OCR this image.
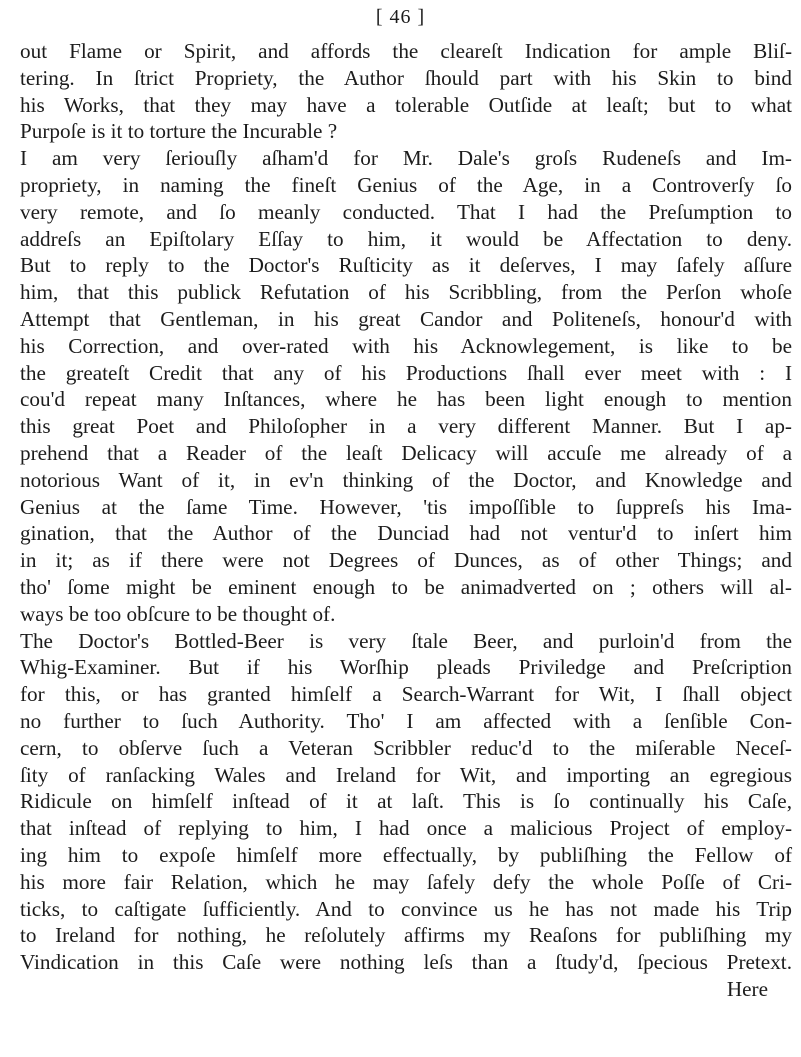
[ 46 ]
out Flame or Spirit, and affords the cleareſt Indication for ample Bliſ-
tering. In ſtrict Propriety, the Author ſhould part with his Skin to bind
his Works, that they may have a tolerable Outſide at leaſt; but to what
Purpoſe is it to torture the Incurable ?
I am very ſeriouſly aſham'd for Mr. Dale's groſs Rudeneſs and Im-
propriety, in naming the fineſt Genius of the Age, in a Controverſy ſo
very remote, and ſo meanly conducted. That I had the Preſumption to
addreſs an Epiſtolary Eſſay to him, it would be Affectation to deny.
But to reply to the Doctor's Ruſticity as it deſerves, I may ſafely aſſure
him, that this publick Refutation of his Scribbling, from the Perſon whoſe
Attempt that Gentleman, in his great Candor and Politeneſs, honour'd with
his Correction, and over-rated with his Acknowlegement, is like to be
the greateſt Credit that any of his Productions ſhall ever meet with : I
cou'd repeat many Inſtances, where he has been light enough to mention
this great Poet and Philoſopher in a very different Manner. But I ap-
prehend that a Reader of the leaſt Delicacy will accuſe me already of a
notorious Want of it, in ev'n thinking of the Doctor, and Knowledge and
Genius at the ſame Time. However, 'tis impoſſible to ſuppreſs his Ima-
gination, that the Author of the Dunciad had not ventur'd to inſert him
in it; as if there were not Degrees of Dunces, as of other Things; and
tho' ſome might be eminent enough to be animadverted on ; others will al-
ways be too obſcure to be thought of.
The Doctor's Bottled-Beer is very ſtale Beer, and purloin'd from the
Whig-Examiner. But if his Worſhip pleads Priviledge and Preſcription
for this, or has granted himſelf a Search-Warrant for Wit, I ſhall object
no further to ſuch Authority. Tho' I am affected with a ſenſible Con-
cern, to obſerve ſuch a Veteran Scribbler reduc'd to the miſerable Neceſ-
ſity of ranſacking Wales and Ireland for Wit, and importing an egregious
Ridicule on himſelf inſtead of it at laſt. This is ſo continually his Caſe,
that inſtead of replying to him, I had once a malicious Project of employ-
ing him to expoſe himſelf more effectually, by publiſhing the Fellow of
his more fair Relation, which he may ſafely defy the whole Poſſe of Cri-
ticks, to caſtigate ſufficiently. And to convince us he has not made his Trip
to Ireland for nothing, he reſolutely affirms my Reaſons for publiſhing my
Vindication in this Caſe were nothing leſs than a ſtudy'd, ſpecious Pretext.
Here
